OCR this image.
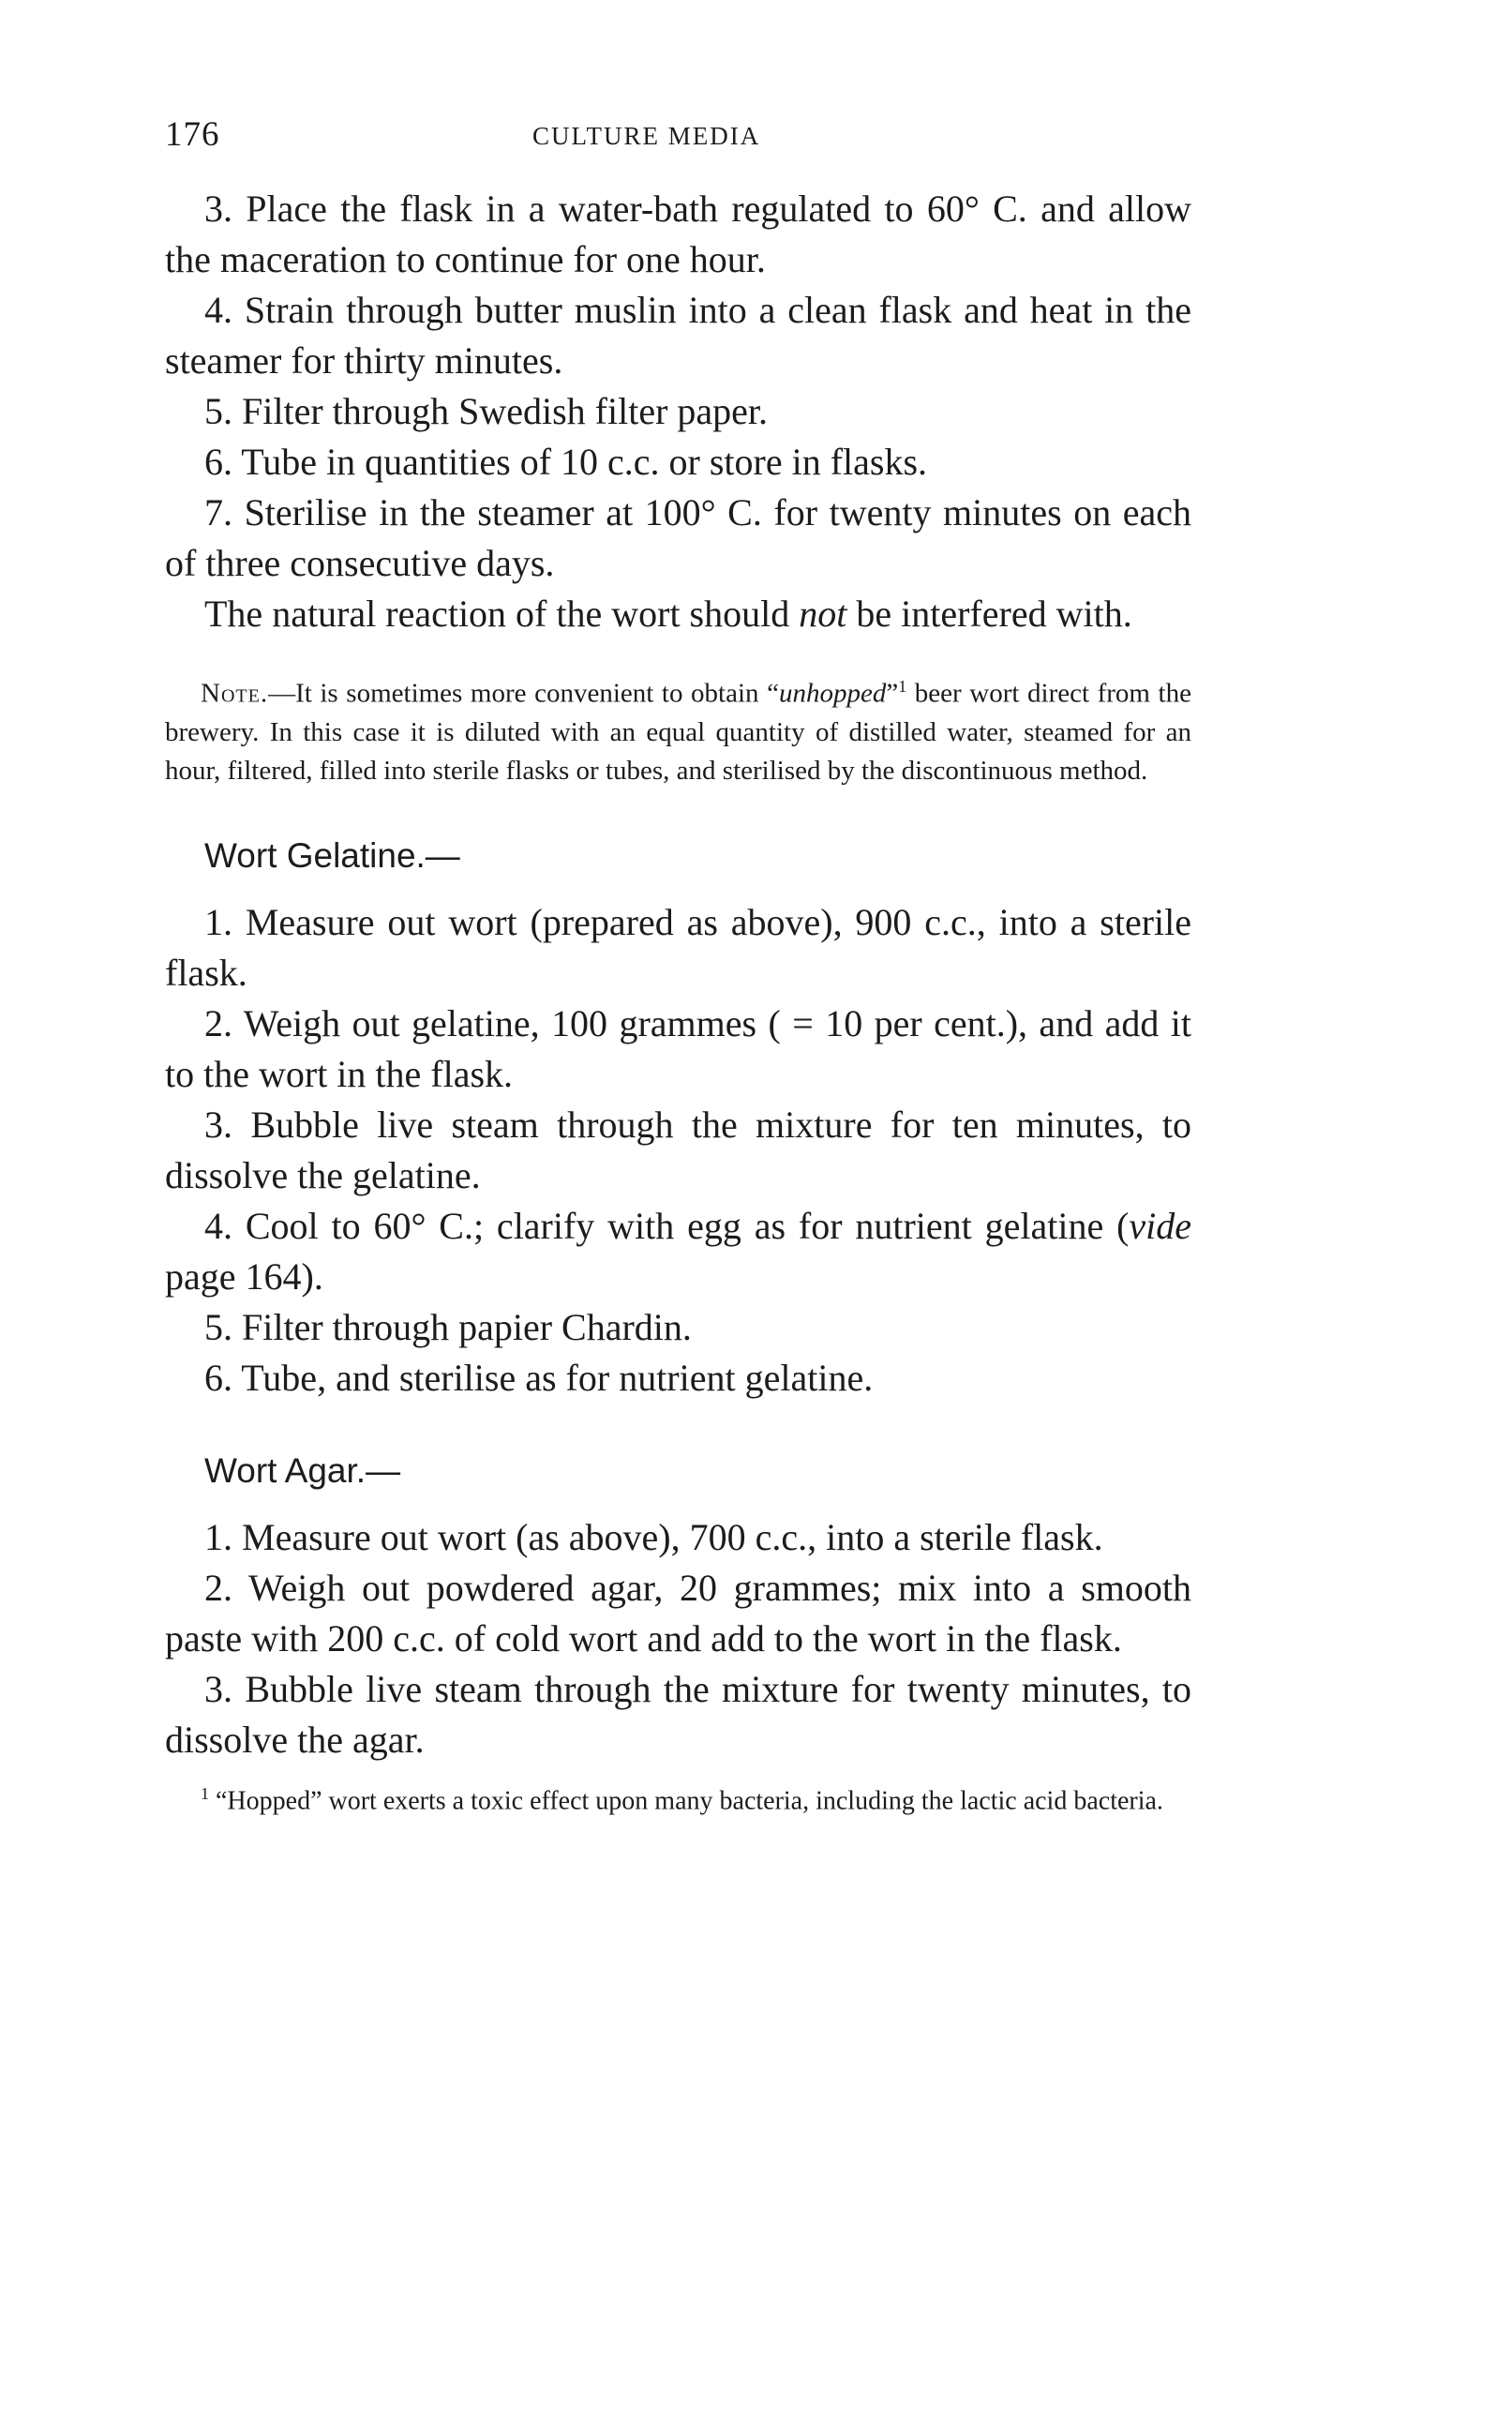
176	CULTURE MEDIA

3. Place the flask in a water-bath regulated to 60° C. and allow the maceration to continue for one hour.

4. Strain through butter muslin into a clean flask and heat in the steamer for thirty minutes.

5. Filter through Swedish filter paper.

6. Tube in quantities of 10 c.c. or store in flasks.

7. Sterilise in the steamer at 100° C. for twenty minutes on each of three consecutive days.

The natural reaction of the wort should not be interfered with.

Note.—It is sometimes more convenient to obtain “unhopped”$^1$ beer wort direct from the brewery. In this case it is diluted with an equal quantity of distilled water, steamed for an hour, filtered, filled into sterile flasks or tubes, and sterilised by the discontinuous method.

Wort Gelatine.—

1. Measure out wort (prepared as above), 900 c.c., into a sterile flask.

2. Weigh out gelatine, 100 grammes ( = 10 per cent.), and add it to the wort in the flask.

3. Bubble live steam through the mixture for ten minutes, to dissolve the gelatine.

4. Cool to 60° C.; clarify with egg as for nutrient gelatine (vide page 164).

5. Filter through papier Chardin.

6. Tube, and sterilise as for nutrient gelatine.

Wort Agar.—

1. Measure out wort (as above), 700 c.c., into a sterile flask.

2. Weigh out powdered agar, 20 grammes; mix into a smooth paste with 200 c.c. of cold wort and add to the wort in the flask.

3. Bubble live steam through the mixture for twenty minutes, to dissolve the agar.

$^1$ “Hopped” wort exerts a toxic effect upon many bacteria, including the lactic acid bacteria.
